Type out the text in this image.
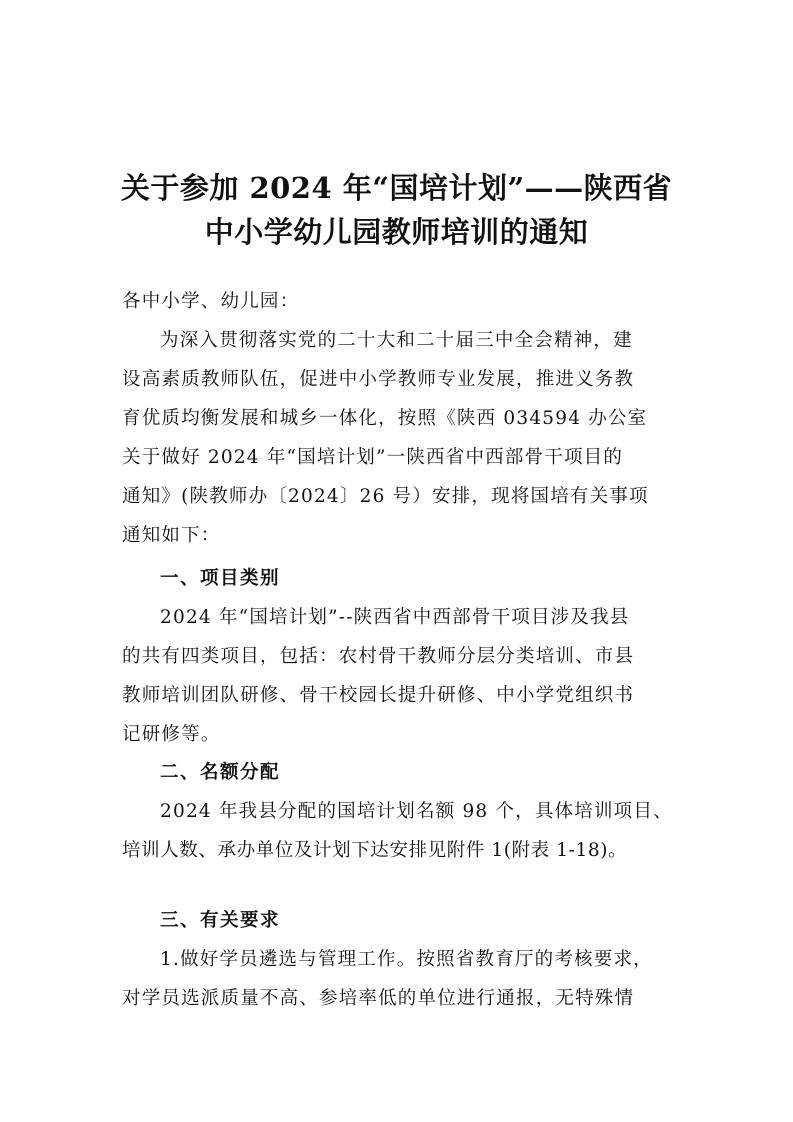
关于参加 2024 年“国培计划”——陕西省
中小学幼儿园教师培训的通知
各中小学、幼儿园：
为深入贯彻落实党的二十大和二十届三中全会精神，建
设高素质教师队伍，促进中小学教师专业发展，推进义务教
育优质均衡发展和城乡一体化，按照《陕西 034594 办公室
关于做好 2024 年“国培计划”一陕西省中西部骨干项目的
通知》(陕教师办〔2024〕26 号）安排，现将国培有关事项
通知如下：
一、项目类别
2024 年“国培计划”--陕西省中西部骨干项目涉及我县
的共有四类项目，包括：农村骨干教师分层分类培训、市县
教师培训团队研修、骨干校园长提升研修、中小学党组织书
记研修等。
二、名额分配
2024 年我县分配的国培计划名额 98 个，具体培训项目、
培训人数、承办单位及计划下达安排见附件 1(附表 1-18)。
三、有关要求
1.做好学员遴选与管理工作。按照省教育厅的考核要求，
对学员选派质量不高、参培率低的单位进行通报，无特殊情
